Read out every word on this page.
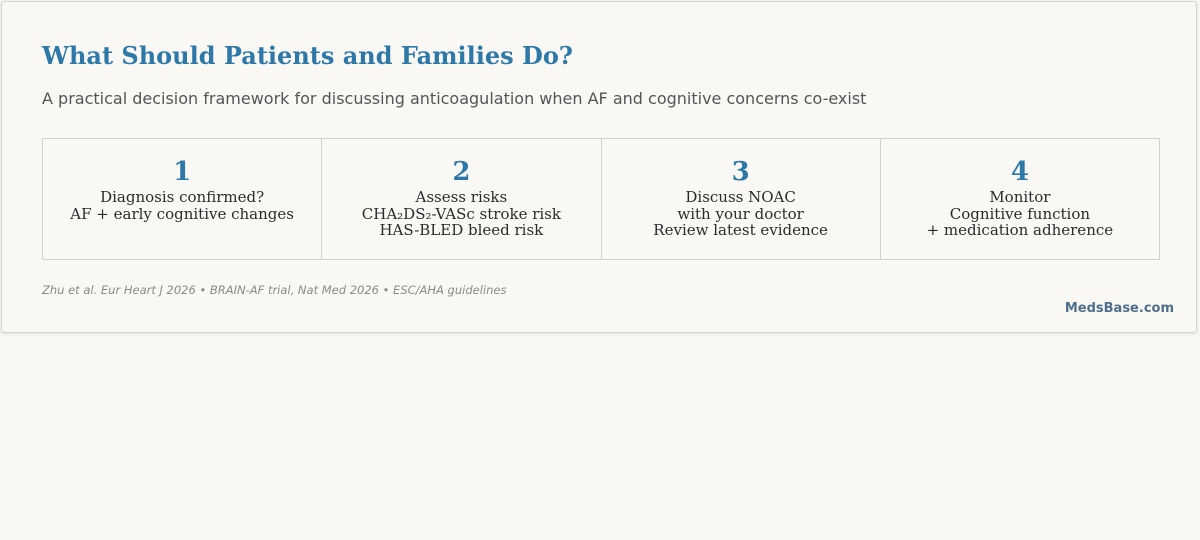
What Should Patients and Families Do?

A practical decision framework for discussing anticoagulation when AF and cognitive concerns co-exist

1
Diagnosis confirmed?
AF + early cognitive changes
2
Assess risks
CHA₂DS₂-VASc stroke risk
HAS-BLED bleed risk
3
Discuss NOAC
with your doctor
Review latest evidence
4
Monitor
Cognitive function
+ medication adherence

Zhu et al. Eur Heart J 2026 • BRAIN-AF trial, Nat Med 2026 • ESC/AHA guidelines

MedsBase.com
